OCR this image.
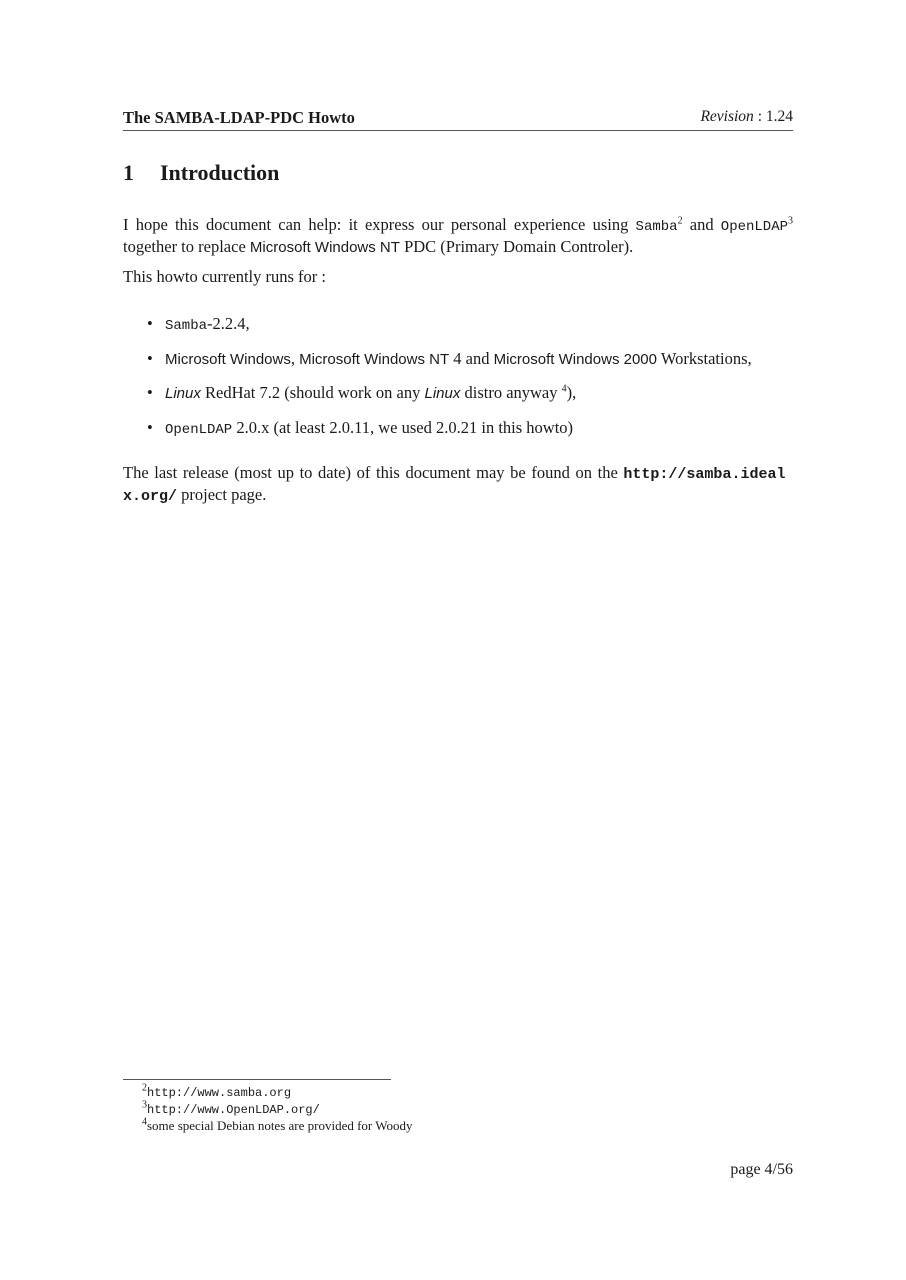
The SAMBA-LDAP-PDC Howto	Revision : 1.24
1 Introduction
I hope this document can help: it express our personal experience using Samba$^2$ and OpenLDAP$^3$ together to replace Microsoft Windows NT PDC (Primary Domain Controler).
This howto currently runs for :
• Samba-2.2.4,
• Microsoft Windows, Microsoft Windows NT 4 and Microsoft Windows 2000 Workstations,
• Linux RedHat 7.2 (should work on any Linux distro anyway $^4$),
• OpenLDAP 2.0.x (at least 2.0.11, we used 2.0.21 in this howto)
The last release (most up to date) of this document may be found on the http://samba.idealx.org/ project page.
$^2$http://www.samba.org
$^3$http://www.OpenLDAP.org/
$^4$some special Debian notes are provided for Woody
page 4/56
